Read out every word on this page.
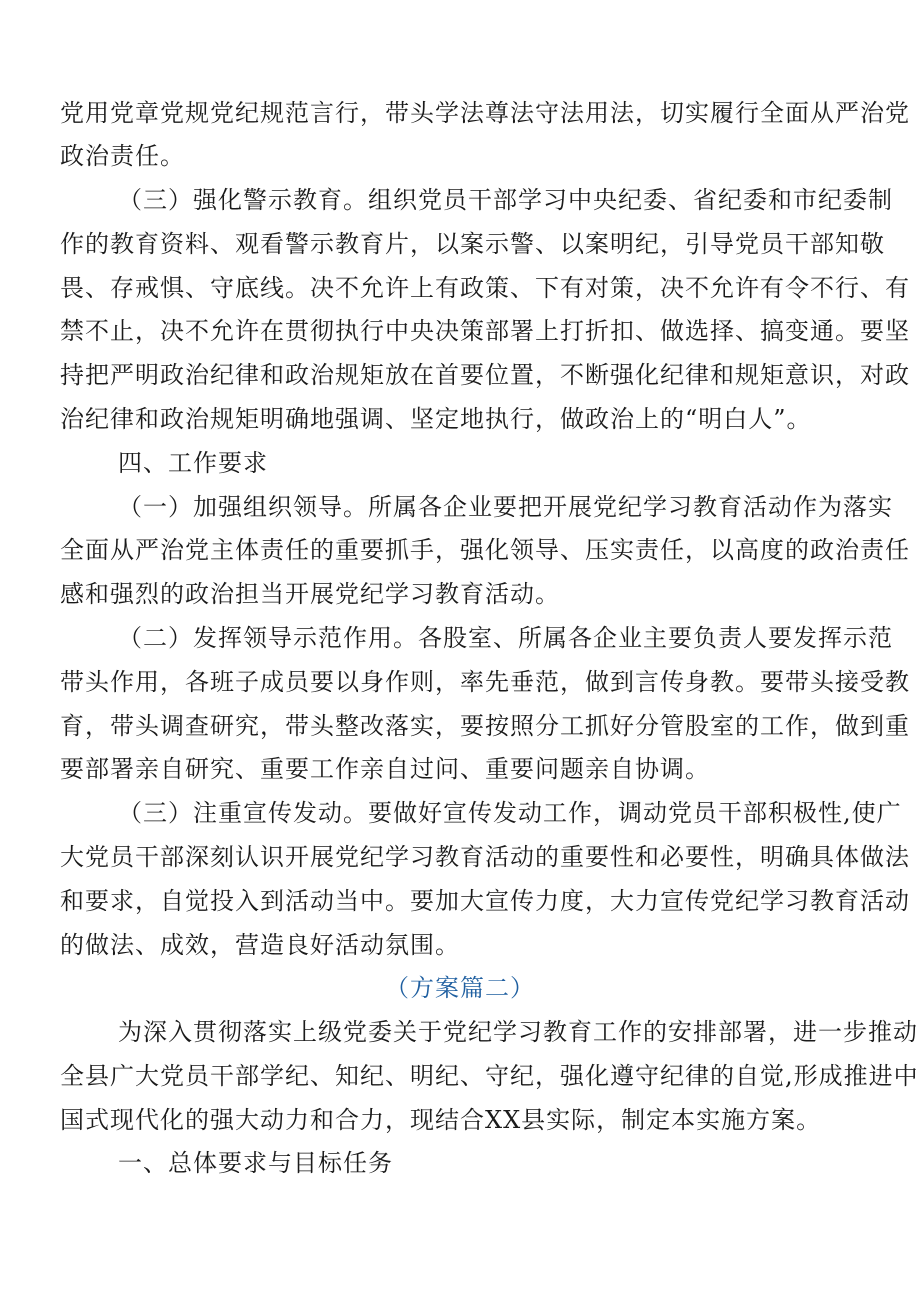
党用党章党规党纪规范言行，带头学法尊法守法用法，切实履行全面从严治党
政治责任。
（三）强化警示教育。组织党员干部学习中央纪委、省纪委和市纪委制
作的教育资料、观看警示教育片，以案示警、以案明纪，引导党员干部知敬
畏、存戒惧、守底线。决不允许上有政策、下有对策，决不允许有令不行、有
禁不止，决不允许在贯彻执行中央决策部署上打折扣、做选择、搞变通。要坚
持把严明政治纪律和政治规矩放在首要位置，不断强化纪律和规矩意识，对政
治纪律和政治规矩明确地强调、坚定地执行，做政治上的“明白人”。
四、工作要求
（一）加强组织领导。所属各企业要把开展党纪学习教育活动作为落实
全面从严治党主体责任的重要抓手，强化领导、压实责任，以高度的政治责任
感和强烈的政治担当开展党纪学习教育活动。
（二）发挥领导示范作用。各股室、所属各企业主要负责人要发挥示范
带头作用，各班子成员要以身作则，率先垂范，做到言传身教。要带头接受教
育，带头调查研究，带头整改落实，要按照分工抓好分管股室的工作，做到重
要部署亲自研究、重要工作亲自过问、重要问题亲自协调。
（三）注重宣传发动。要做好宣传发动工作，调动党员干部积极性,使广
大党员干部深刻认识开展党纪学习教育活动的重要性和必要性，明确具体做法
和要求，自觉投入到活动当中。要加大宣传力度，大力宣传党纪学习教育活动
的做法、成效，营造良好活动氛围。
（方案篇二）
为深入贯彻落实上级党委关于党纪学习教育工作的安排部署，进一步推动
全县广大党员干部学纪、知纪、明纪、守纪，强化遵守纪律的自觉,形成推进中
国式现代化的强大动力和合力，现结合XX县实际，制定本实施方案。
一、总体要求与目标任务
